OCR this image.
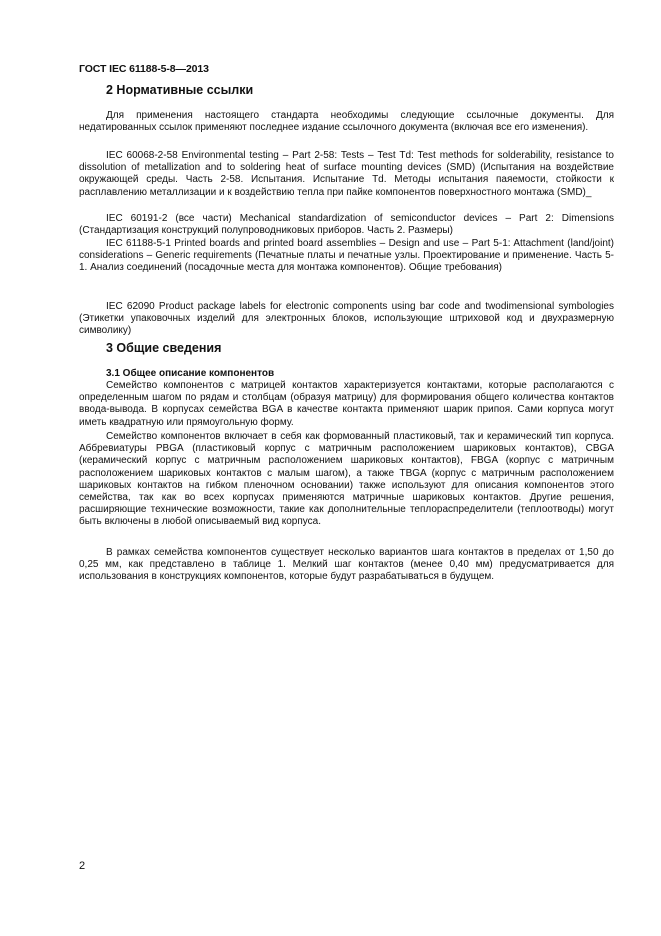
ГОСТ IEC 61188-5-8—2013
2 Нормативные ссылки

Для применения настоящего стандарта необходимы следующие ссылочные документы. Для недатированных ссылок применяют последнее издание ссылочного документа (включая все его изменения).

IEC 60068-2-58 Environmental testing – Part 2-58: Tests – Test Td: Test methods for solderability, resistance to dissolution of metallization and to soldering heat of surface mounting devices (SMD) (Испытания на воздействие окружающей среды. Часть 2-58. Испытания. Испытание Td. Методы испытания паяемости, стойкости к расплавлению металлизации и к воздействию тепла при пайке компонентов поверхностного монтажа (SMD)_

IEC 60191-2 (все части) Mechanical standardization of semiconductor devices – Part 2: Dimensions (Стандартизация конструкций полупроводниковых приборов. Часть 2. Размеры)

IEC 61188-5-1 Printed boards and printed board assemblies – Design and use – Part 5-1: Attachment (land/joint) considerations – Generic requirements (Печатные платы и печатные узлы. Проектирование и применение. Часть 5-1. Анализ соединений (посадочные места для монтажа компонентов). Общие требования)

IEC 62090 Product package labels for electronic components using bar code and twodimensional symbologies (Этикетки упаковочных изделий для электронных блоков, использующие штриховой код и двухразмерную символику)

3 Общие сведения
3.1 Общее описание компонентов

Семейство компонентов с матрицей контактов характеризуется контактами, которые располагаются с определенным шагом по рядам и столбцам (образуя матрицу) для формирования общего количества контактов ввода-вывода. В корпусах семейства BGA в качестве контакта применяют шарик припоя. Сами корпуса могут иметь квадратную или прямоугольную форму.

Семейство компонентов включает в себя как формованный пластиковый, так и керамический тип корпуса. Аббревиатуры PBGA (пластиковый корпус с матричным расположением шариковых контактов), CBGA (керамический корпус с матричным расположением шариковых контактов), FBGA (корпус с матричным расположением шариковых контактов с малым шагом), а также TBGA (корпус с матричным расположением шариковых контактов на гибком пленочном основании) также используют для описания компонентов этого семейства, так как во всех корпусах применяются матричные шариковых контактов. Другие решения, расширяющие технические возможности, такие как дополнительные теплораспределители (теплоотводы) могут быть включены в любой описываемый вид корпуса.

В рамках семейства компонентов существует несколько вариантов шага контактов в пределах от 1,50 до 0,25 мм, как представлено в таблице 1. Мелкий шаг контактов (менее 0,40 мм) предусматривается для использования в конструкциях компонентов, которые будут разрабатываться в будущем.

2
